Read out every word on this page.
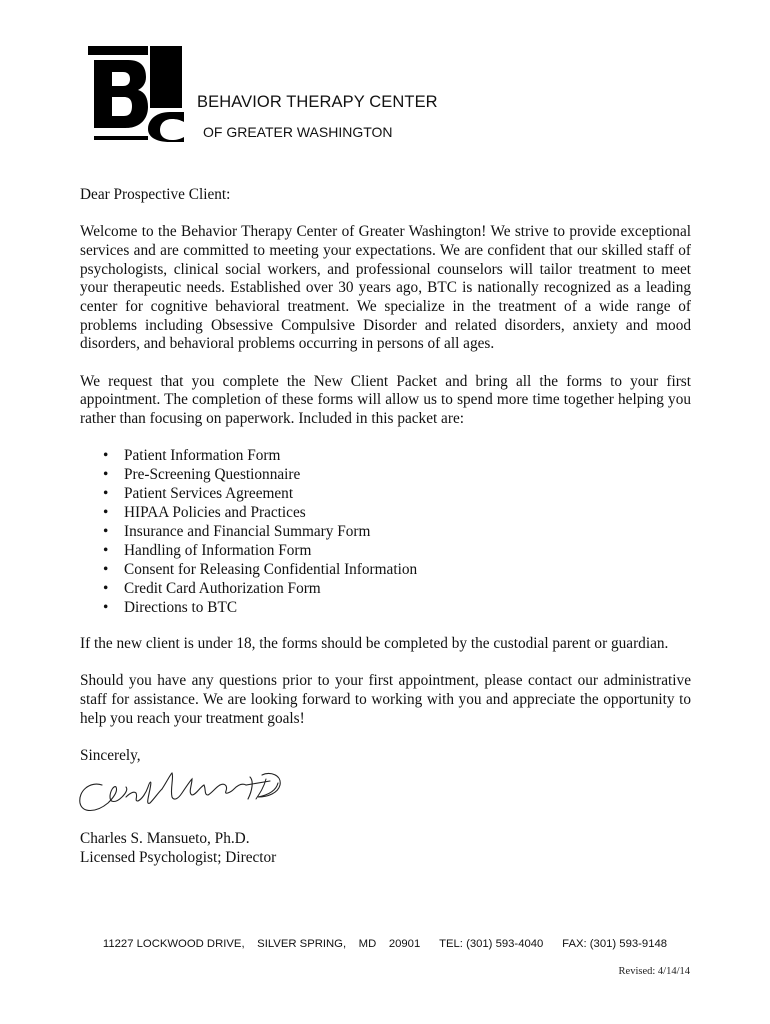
BEHAVIOR THERAPY CENTER
OF GREATER WASHINGTON

Dear Prospective Client:

Welcome to the Behavior Therapy Center of Greater Washington! We strive to provide exceptional services and are committed to meeting your expectations. We are confident that our skilled staff of psychologists, clinical social workers, and professional counselors will tailor treatment to meet your therapeutic needs. Established over 30 years ago, BTC is nationally recognized as a leading center for cognitive behavioral treatment. We specialize in the treatment of a wide range of problems including Obsessive Compulsive Disorder and related disorders, anxiety and mood disorders, and behavioral problems occurring in persons of all ages.

We request that you complete the New Client Packet and bring all the forms to your first appointment. The completion of these forms will allow us to spend more time together helping you rather than focusing on paperwork. Included in this packet are:

• Patient Information Form
• Pre-Screening Questionnaire
• Patient Services Agreement
• HIPAA Policies and Practices
• Insurance and Financial Summary Form
• Handling of Information Form
• Consent for Releasing Confidential Information
• Credit Card Authorization Form
• Directions to BTC

If the new client is under 18, the forms should be completed by the custodial parent or guardian.

Should you have any questions prior to your first appointment, please contact our administrative staff for assistance. We are looking forward to working with you and appreciate the opportunity to help you reach your treatment goals!

Sincerely,

Charles S. Mansueto, Ph.D.
Licensed Psychologist; Director
11227 LOCKWOOD DRIVE, SILVER SPRING, MD 20901 TEL: (301) 593-4040 FAX: (301) 593-9148
Revised: 4/14/14
